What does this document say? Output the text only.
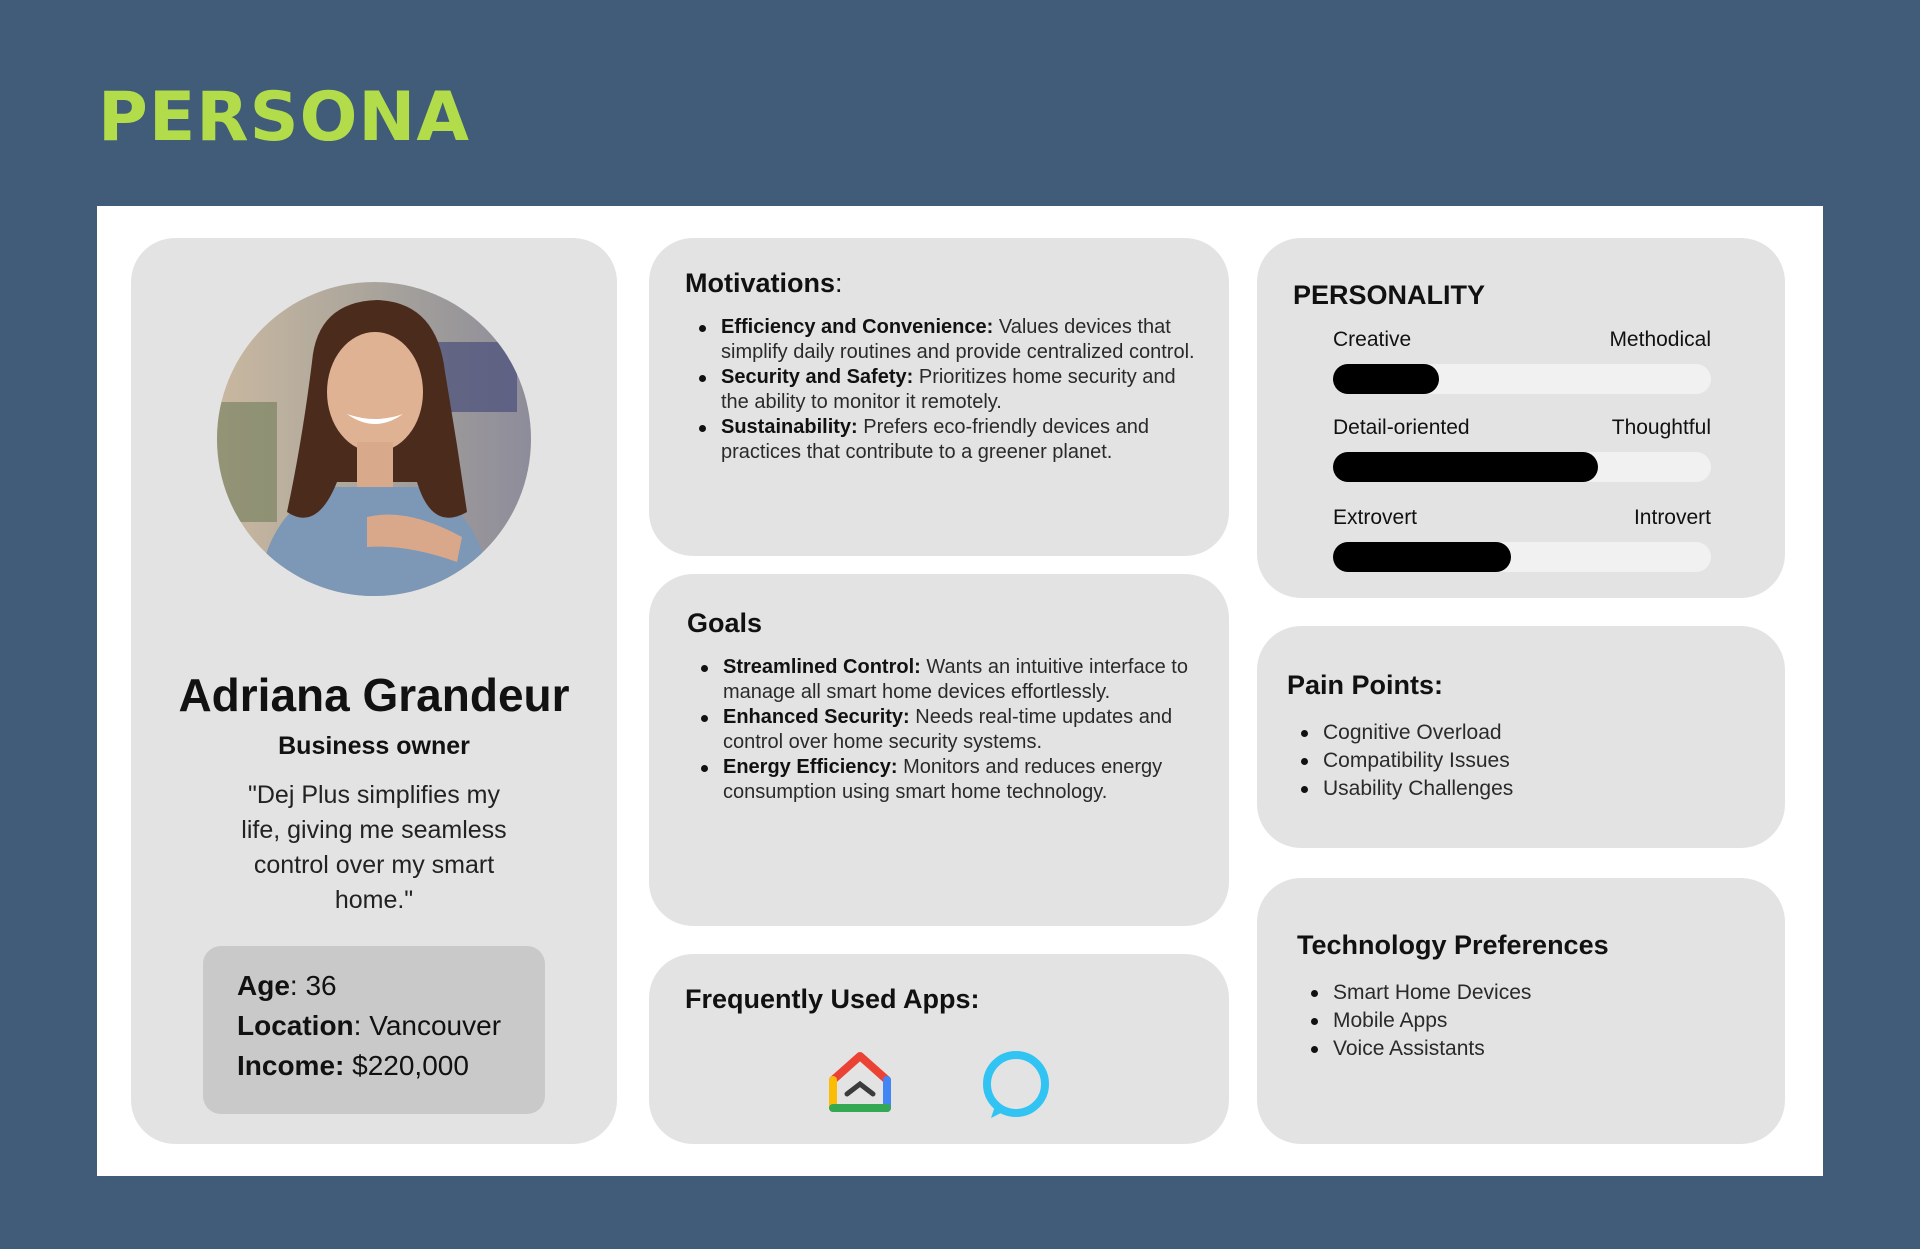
PERSONA
Adriana Grandeur
Business owner
"Dej Plus simplifies my life, giving me seamless control over my smart home."
Age: 36
Location: Vancouver
Income: $220,000
Motivations:
Efficiency and Convenience: Values devices that simplify daily routines and provide centralized control.
Security and Safety: Prioritizes home security and the ability to monitor it remotely.
Sustainability: Prefers eco-friendly devices and practices that contribute to a greener planet.
Goals
Streamlined Control: Wants an intuitive interface to manage all smart home devices effortlessly.
Enhanced Security: Needs real-time updates and control over home security systems.
Energy Efficiency: Monitors and reduces energy consumption using smart home technology.
Frequently Used Apps:
PERSONALITY
Creative	Methodical
Detail-oriented	Thoughtful
Extrovert	Introvert
Pain Points:
Cognitive Overload
Compatibility Issues
Usability Challenges
Technology Preferences
Smart Home Devices
Mobile Apps
Voice Assistants
